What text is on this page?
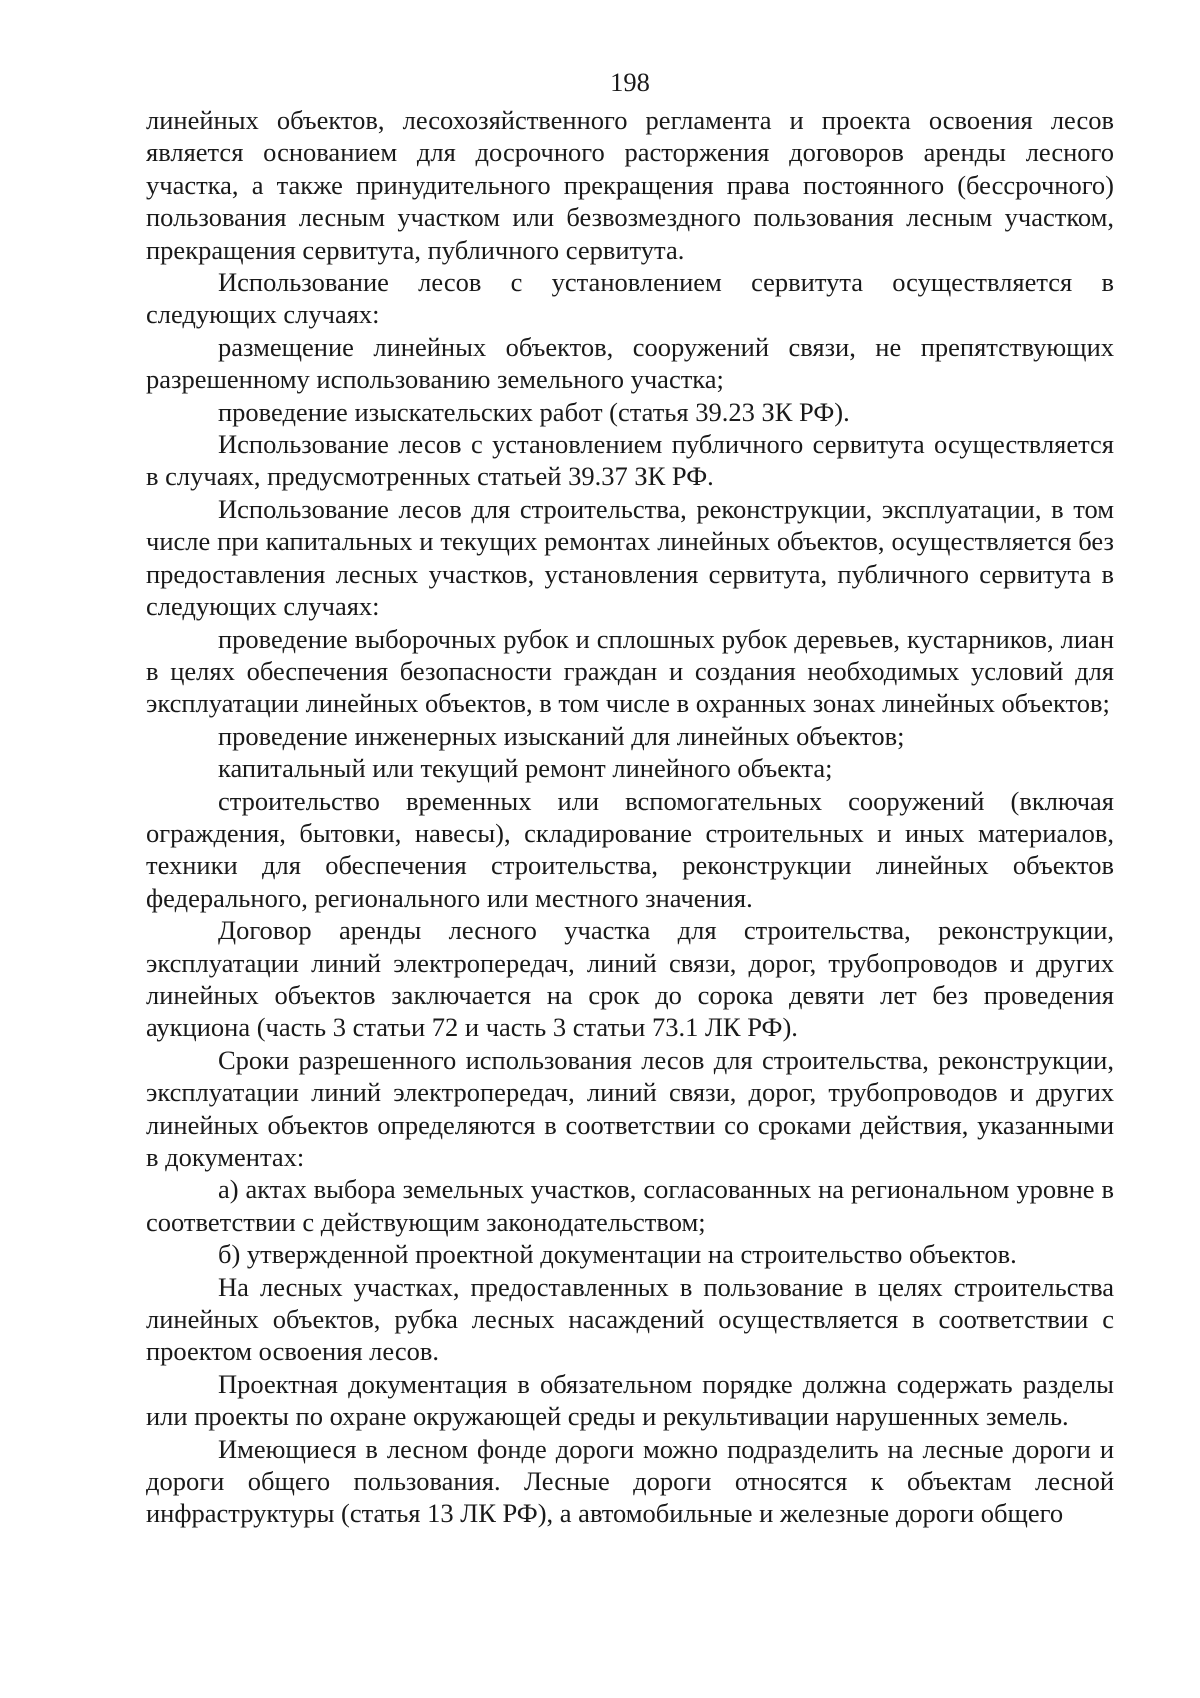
198

линейных объектов, лесохозяйственного регламента и проекта освоения лесов является основанием для досрочного расторжения договоров аренды лесного участка, а также принудительного прекращения права постоянного (бессрочного) пользования лесным участком или безвозмездного пользования лесным участком, прекращения сервитута, публичного сервитута.

Использование лесов с установлением сервитута осуществляется в следующих случаях:

размещение линейных объектов, сооружений связи, не препятствующих разрешенному использованию земельного участка;

проведение изыскательских работ (статья 39.23 ЗК РФ).

Использование лесов с установлением публичного сервитута осуществляется в случаях, предусмотренных статьей 39.37 ЗК РФ.

Использование лесов для строительства, реконструкции, эксплуатации, в том числе при капитальных и текущих ремонтах линейных объектов, осуществляется без предоставления лесных участков, установления сервитута, публичного сервитута в следующих случаях:

проведение выборочных рубок и сплошных рубок деревьев, кустарников, лиан в целях обеспечения безопасности граждан и создания необходимых условий для эксплуатации линейных объектов, в том числе в охранных зонах линейных объектов;

проведение инженерных изысканий для линейных объектов;

капитальный или текущий ремонт линейного объекта;

строительство временных или вспомогательных сооружений (включая ограждения, бытовки, навесы), складирование строительных и иных материалов, техники для обеспечения строительства, реконструкции линейных объектов федерального, регионального или местного значения.

Договор аренды лесного участка для строительства, реконструкции, эксплуатации линий электропередач, линий связи, дорог, трубопроводов и других линейных объектов заключается на срок до сорока девяти лет без проведения аукциона (часть 3 статьи 72 и часть 3 статьи 73.1 ЛК РФ).

Сроки разрешенного использования лесов для строительства, реконструкции, эксплуатации линий электропередач, линий связи, дорог, трубопроводов и других линейных объектов определяются в соответствии со сроками действия, указанными в документах:

а) актах выбора земельных участков, согласованных на региональном уровне в соответствии с действующим законодательством;

б) утвержденной проектной документации на строительство объектов.

На лесных участках, предоставленных в пользование в целях строительства линейных объектов, рубка лесных насаждений осуществляется в соответствии с проектом освоения лесов.

Проектная документация в обязательном порядке должна содержать разделы или проекты по охране окружающей среды и рекультивации нарушенных земель.

Имеющиеся в лесном фонде дороги можно подразделить на лесные дороги и дороги общего пользования. Лесные дороги относятся к объектам лесной инфраструктуры (статья 13 ЛК РФ), а автомобильные и железные дороги общего
